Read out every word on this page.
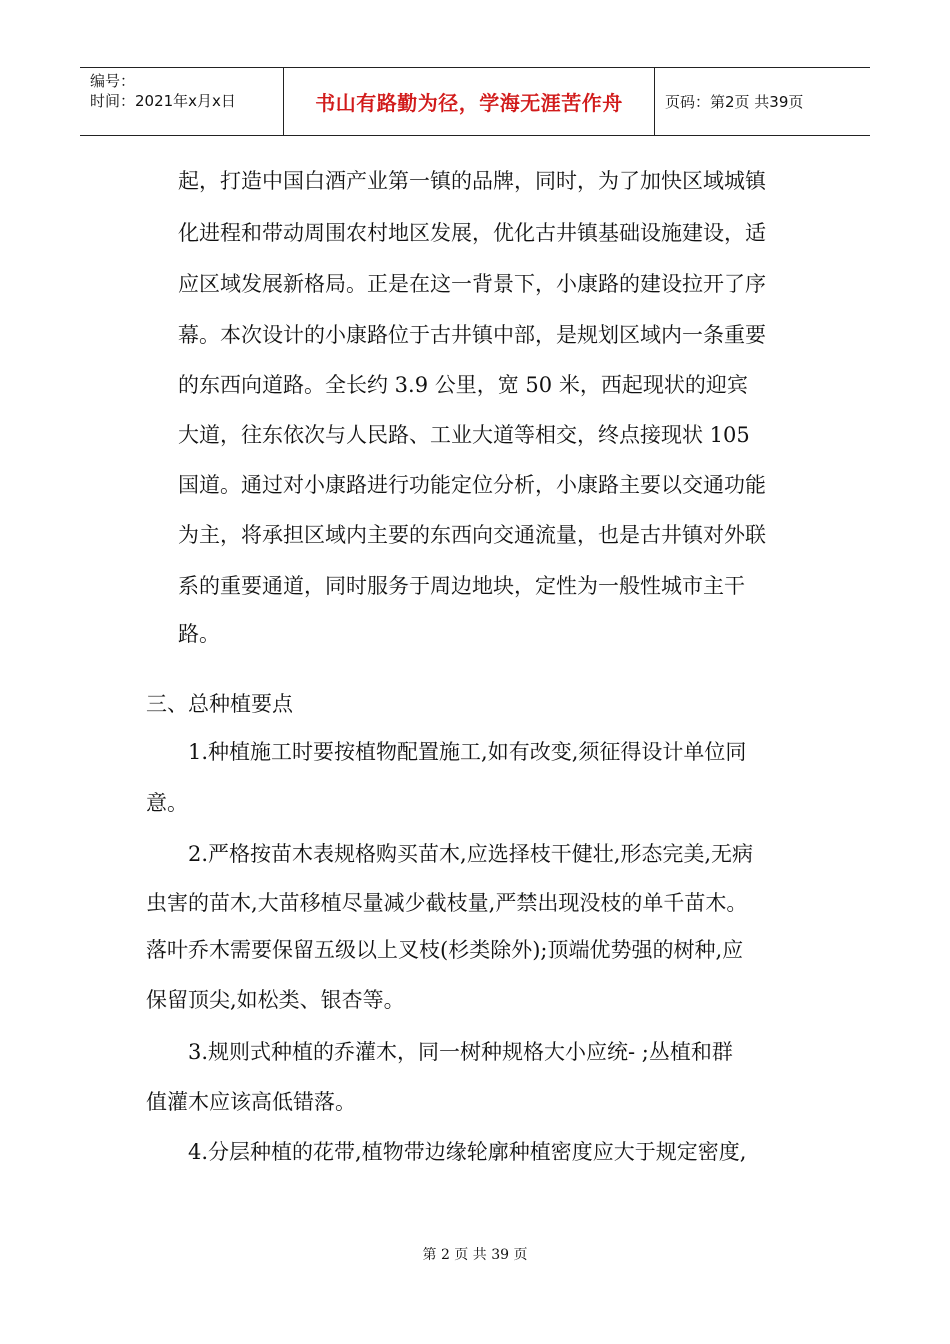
编号：
时间：2021年x月x日	书山有路勤为径，学海无涯苦作舟	页码：第2页 共39页
起，打造中国白酒产业第一镇的品牌，同时，为了加快区域城镇
化进程和带动周围农村地区发展，优化古井镇基础设施建设，适
应区域发展新格局。正是在这一背景下，小康路的建设拉开了序
幕。本次设计的小康路位于古井镇中部，是规划区域内一条重要
的东西向道路。全长约 3.9 公里，宽 50 米，西起现状的迎宾
大道，往东依次与人民路、工业大道等相交，终点接现状 105
国道。通过对小康路进行功能定位分析，小康路主要以交通功能
为主，将承担区域内主要的东西向交通流量，也是古井镇对外联
系的重要通道，同时服务于周边地块，定性为一般性城市主干
路。
三、总种植要点
1.种植施工时要按植物配置施工,如有改变,须征得设计单位同
意。
2.严格按苗木表规格购买苗木,应选择枝干健壮,形态完美,无病
虫害的苗木,大苗移植尽量减少截枝量,严禁出现没枝的单千苗木。
落叶乔木需要保留五级以上叉枝(杉类除外);顶端优势强的树种,应
保留顶尖,如松类、银杏等。
3.规则式种植的乔灌木，同一树种规格大小应统- ;丛植和群
值灌木应该高低错落。
4.分层种植的花带,植物带边缘轮廓种植密度应大于规定密度,
第 2 页 共 39 页
